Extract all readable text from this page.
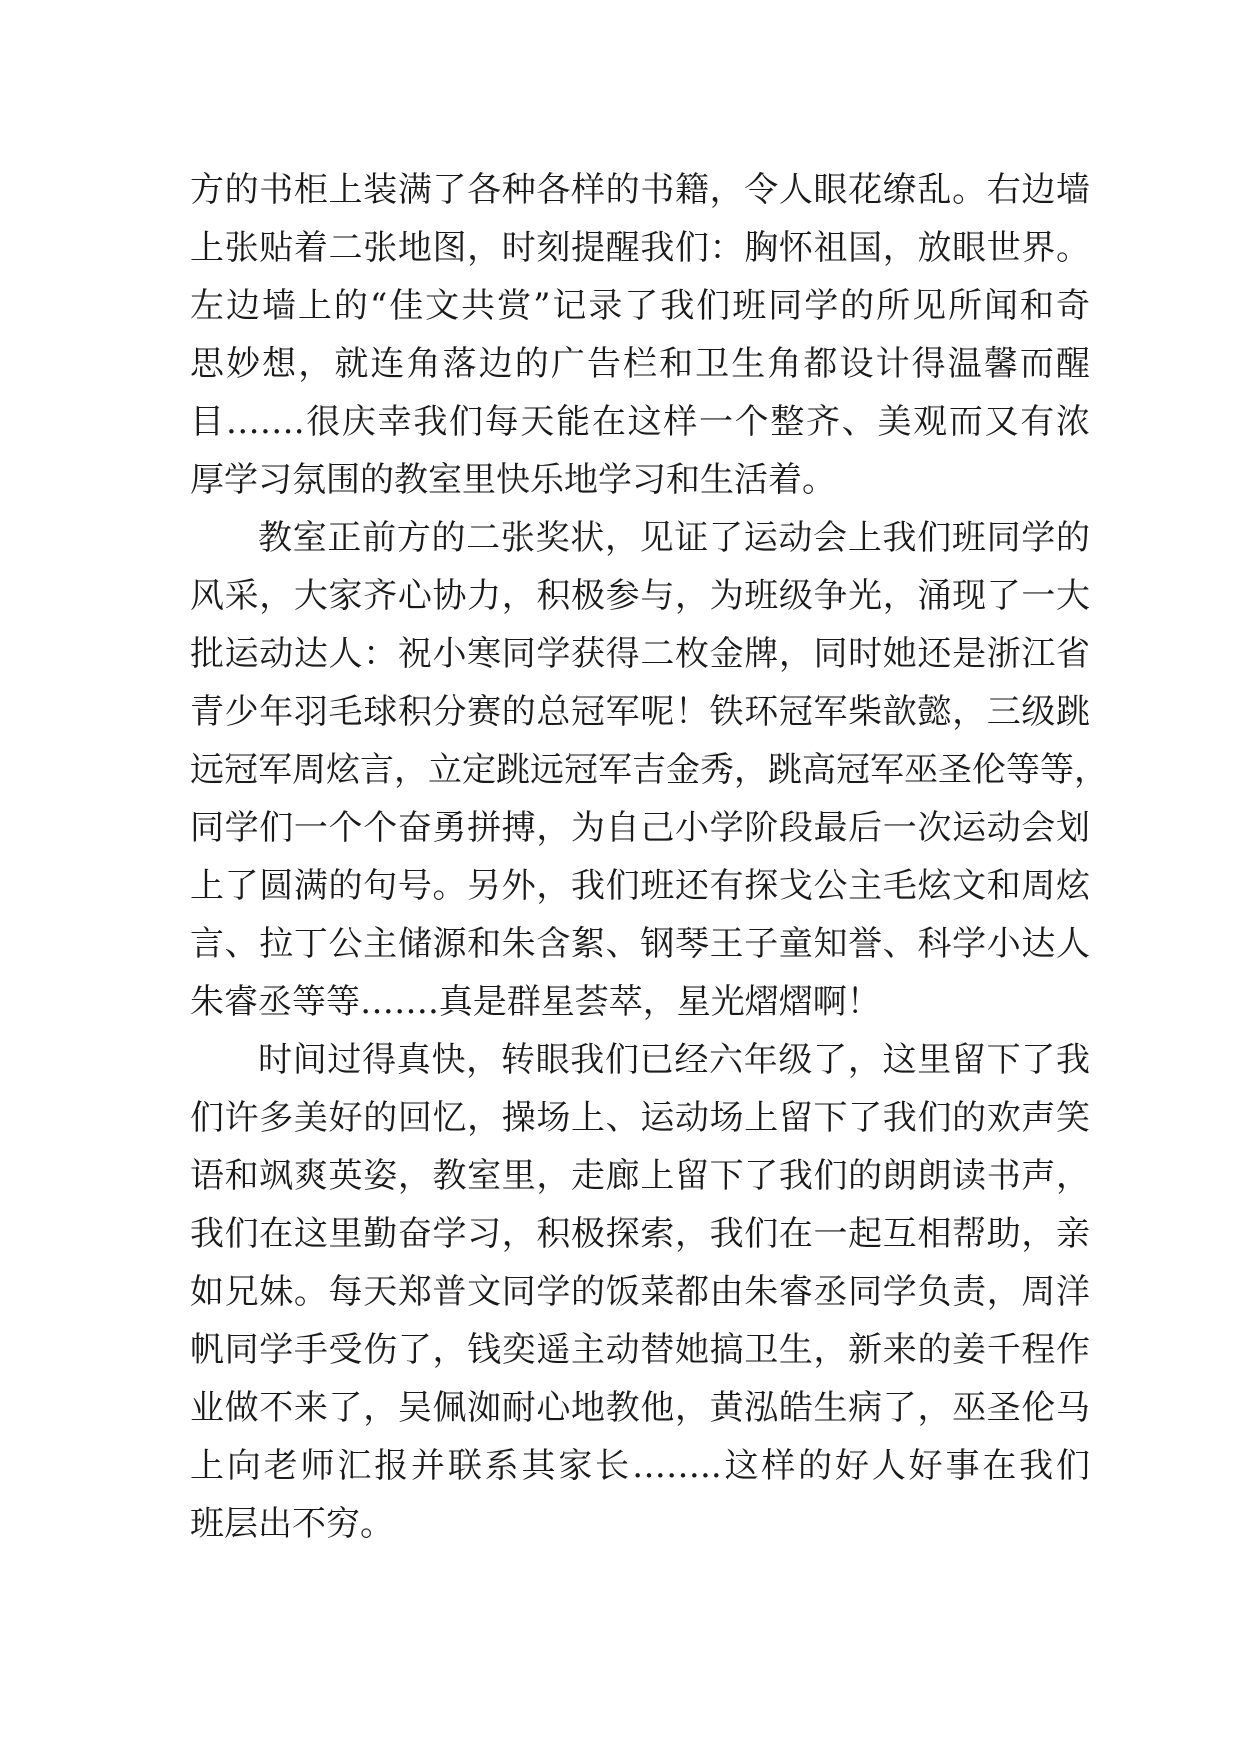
方的书柜上装满了各种各样的书籍，令人眼花缭乱。右边墙
上张贴着二张地图，时刻提醒我们：胸怀祖国，放眼世界。
左边墙上的“佳文共赏”记录了我们班同学的所见所闻和奇
思妙想，就连角落边的广告栏和卫生角都设计得温馨而醒
目…….很庆幸我们每天能在这样一个整齐、美观而又有浓
厚学习氛围的教室里快乐地学习和生活着。
教室正前方的二张奖状，见证了运动会上我们班同学的
风采，大家齐心协力，积极参与，为班级争光，涌现了一大
批运动达人：祝小寒同学获得二枚金牌，同时她还是浙江省
青少年羽毛球积分赛的总冠军呢！铁环冠军柴歆懿，三级跳
远冠军周炫言，立定跳远冠军吉金秀，跳高冠军巫圣伦等等，
同学们一个个奋勇拼搏，为自己小学阶段最后一次运动会划
上了圆满的句号。另外，我们班还有探戈公主毛炫文和周炫
言、拉丁公主储源和朱含絮、钢琴王子童知誉、科学小达人
朱睿丞等等…….真是群星荟萃，星光熠熠啊！
时间过得真快，转眼我们已经六年级了，这里留下了我
们许多美好的回忆，操场上、运动场上留下了我们的欢声笑
语和飒爽英姿，教室里，走廊上留下了我们的朗朗读书声，
我们在这里勤奋学习，积极探索，我们在一起互相帮助，亲
如兄妹。每天郑普文同学的饭菜都由朱睿丞同学负责，周洋
帆同学手受伤了，钱奕遥主动替她搞卫生，新来的姜千程作
业做不来了，吴佩洳耐心地教他，黄泓皓生病了，巫圣伦马
上向老师汇报并联系其家长……..这样的好人好事在我们
班层出不穷。
